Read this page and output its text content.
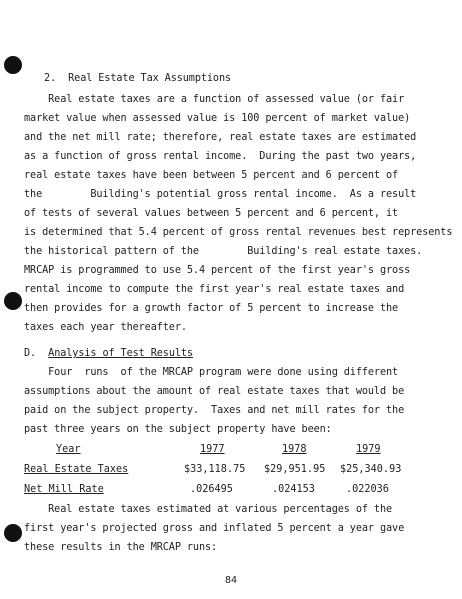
2.  Real Estate Tax Assumptions
Real estate taxes are a function of assessed value (or fair
market value when assessed value is 100 percent of market value)
and the net mill rate; therefore, real estate taxes are estimated
as a function of gross rental income.  During the past two years,
real estate taxes have been between 5 percent and 6 percent of
the        Building's potential gross rental income.  As a result
of tests of several values between 5 percent and 6 percent, it
is determined that 5.4 percent of gross rental revenues best represents
the historical pattern of the        Building's real estate taxes.
MRCAP is programmed to use 5.4 percent of the first year's gross
rental income to compute the first year's real estate taxes and
then provides for a growth factor of 5 percent to increase the
taxes each year thereafter.
D. Analysis of Test Results
Four  runs  of the MRCAP program were done using different
assumptions about the amount of real estate taxes that would be
paid on the subject property.  Taxes and net mill rates for the
past three years on the subject property have been:
Year	1977	1978	1979
Real Estate Taxes	$33,118.75 $29,951.95 $25,340.93
Net Mill Rate	.026495	.024153	.022036
Real estate taxes estimated at various percentages of the
first year's projected gross and inflated 5 percent a year gave
these results in the MRCAP runs:
84
